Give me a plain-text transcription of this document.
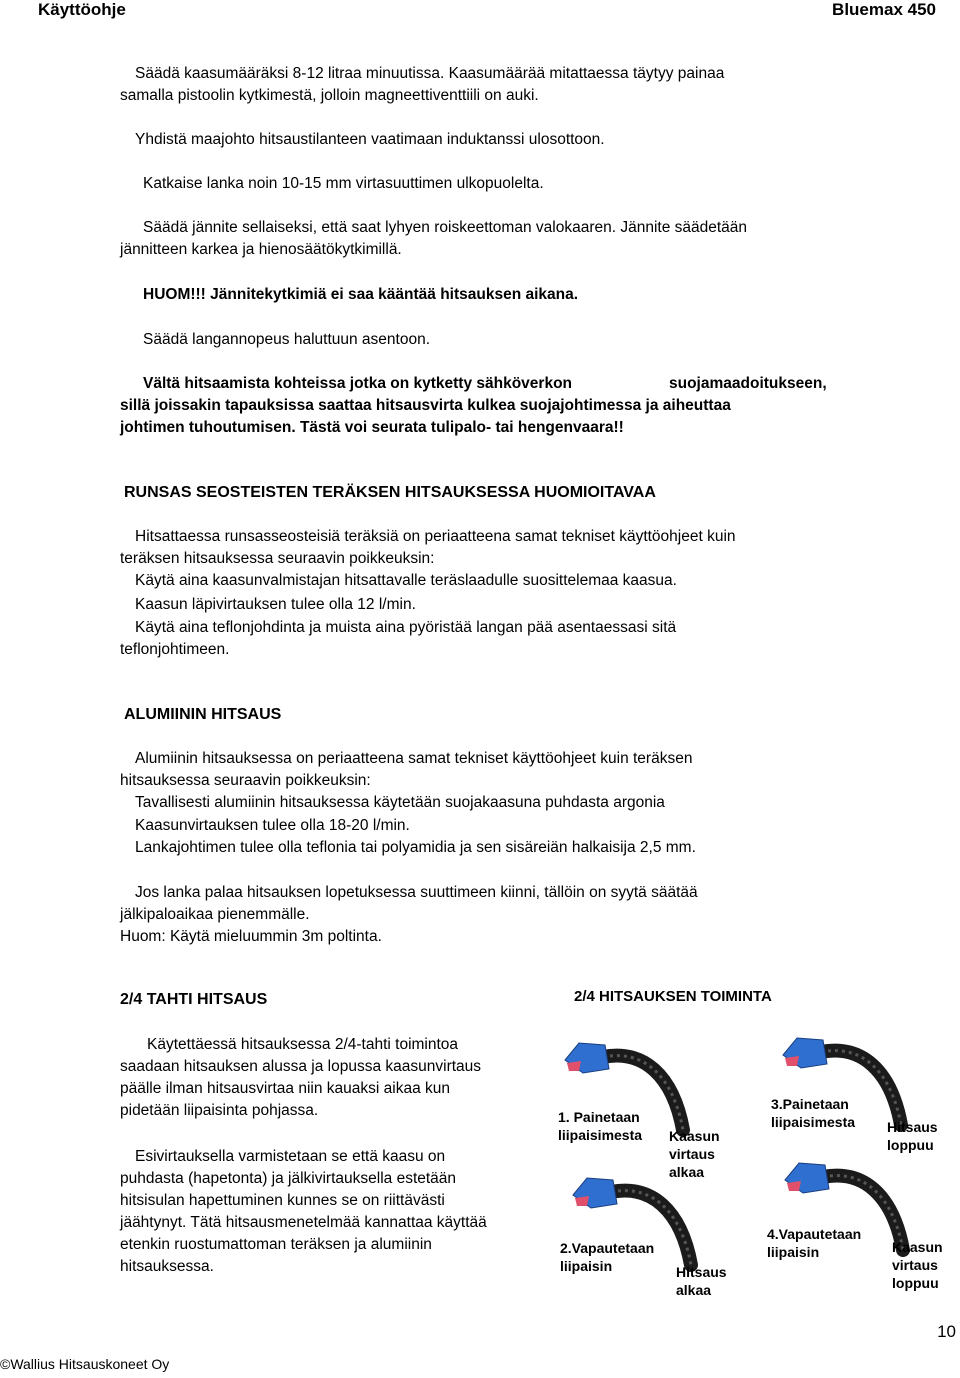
Käyttöohje	Bluemax 450
Säädä kaasumääräksi 8-12 litraa minuutissa. Kaasumäärää mitattaessa täytyy painaa
samalla pistoolin kytkimestä, jolloin magneettiventtiili on auki.
Yhdistä maajohto hitsaustilanteen vaatimaan induktanssi ulosottoon.
Katkaise lanka noin 10-15 mm virtasuuttimen ulkopuolelta.
Säädä jännite sellaiseksi, että saat lyhyen roiskeettoman valokaaren. Jännite säädetään
jännitteen karkea ja hienosäätökytkimillä.
HUOM!!! Jännitekytkimiä ei saa kääntää hitsauksen aikana.
Säädä langannopeus haluttuun asentoon.
Vältä hitsaamista kohteissa jotka on kytketty sähköverkon	suojamaadoitukseen,
sillä joissakin tapauksissa saattaa hitsausvirta kulkea suojajohtimessa ja aiheuttaa
johtimen tuhoutumisen. Tästä voi seurata tulipalo- tai hengenvaara!!
RUNSAS SEOSTEISTEN TERÄKSEN HITSAUKSESSA HUOMIOITAVAA
Hitsattaessa runsasseosteisiä teräksiä on periaatteena samat tekniset käyttöohjeet kuin
teräksen hitsauksessa seuraavin poikkeuksin:
Käytä aina kaasunvalmistajan hitsattavalle teräslaadulle suosittelemaa kaasua.
Kaasun läpivirtauksen tulee olla 12 l/min.
Käytä aina teflonjohdinta ja muista aina pyöristää langan pää asentaessasi sitä
teflonjohtimeen.
ALUMIININ HITSAUS
Alumiinin hitsauksessa on periaatteena samat tekniset käyttöohjeet kuin teräksen
hitsauksessa seuraavin poikkeuksin:
Tavallisesti alumiinin hitsauksessa käytetään suojakaasuna puhdasta argonia
Kaasunvirtauksen tulee olla 18-20 l/min.
Lankajohtimen tulee olla teflonia tai polyamidia ja sen sisäreiän halkaisija 2,5 mm.
Jos lanka palaa hitsauksen lopetuksessa suuttimeen kiinni, tällöin on syytä säätää
jälkipaloaikaa pienemmälle.
Huom: Käytä mieluummin 3m poltinta.
2/4 TAHTI HITSAUS
Käytettäessä hitsauksessa 2/4-tahti toimintoa
saadaan hitsauksen alussa ja lopussa kaasunvirtaus
päälle ilman hitsausvirtaa niin kauaksi aikaa kun
pidetään liipaisinta pohjassa.
Esivirtauksella varmistetaan se että kaasu on
puhdasta (hapetonta) ja jälkivirtauksella estetään
hitsisulan hapettuminen kunnes se on riittävästi
jäähtynyt. Tätä hitsausmenetelmää kannattaa käyttää
etenkin ruostumattoman teräksen ja alumiinin
hitsauksessa.
2/4 HITSAUKSEN TOIMINTA
1. Painetaan
liipaisimesta Kaasun
virtaus
alkaa
2.Vapautetaan
liipaisin	Hitsaus
alkaa
3.Painetaan
liipaisimesta Hitsaus
loppuu
4.Vapautetaan
liipaisin	Kaasun
virtaus
loppuu
10
©Wallius Hitsauskoneet Oy
